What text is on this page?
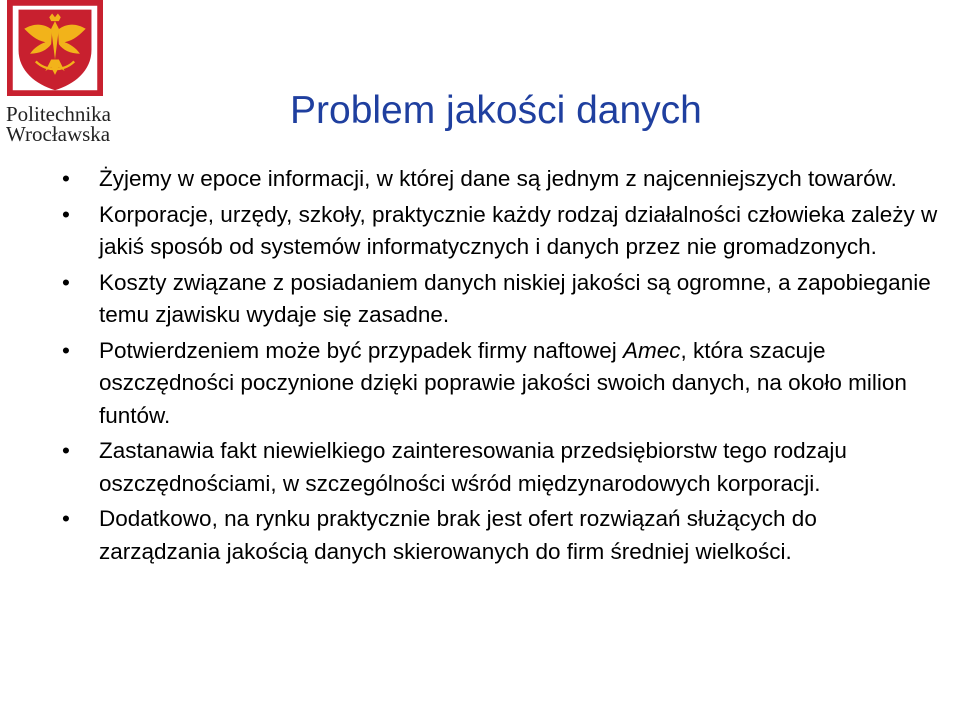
Politechnika
Wrocławska
Problem jakości danych
•	Żyjemy w epoce informacji, w której dane są jednym z najcenniejszych towarów.
•	Korporacje, urzędy, szkoły, praktycznie każdy rodzaj działalności człowieka zależy w jakiś sposób od systemów informatycznych i danych przez nie gromadzonych.
•	Koszty związane z posiadaniem danych niskiej jakości są ogromne, a zapobieganie temu zjawisku wydaje się zasadne.
•	Potwierdzeniem może być przypadek firmy naftowej Amec, która szacuje oszczędności poczynione dzięki poprawie jakości swoich danych, na około milion funtów.
•	Zastanawia fakt niewielkiego zainteresowania przedsiębiorstw tego rodzaju oszczędnościami, w szczególności wśród międzynarodowych korporacji.
•	Dodatkowo, na rynku praktycznie brak jest ofert rozwiązań służących do zarządzania jakością danych skierowanych do firm średniej wielkości.
